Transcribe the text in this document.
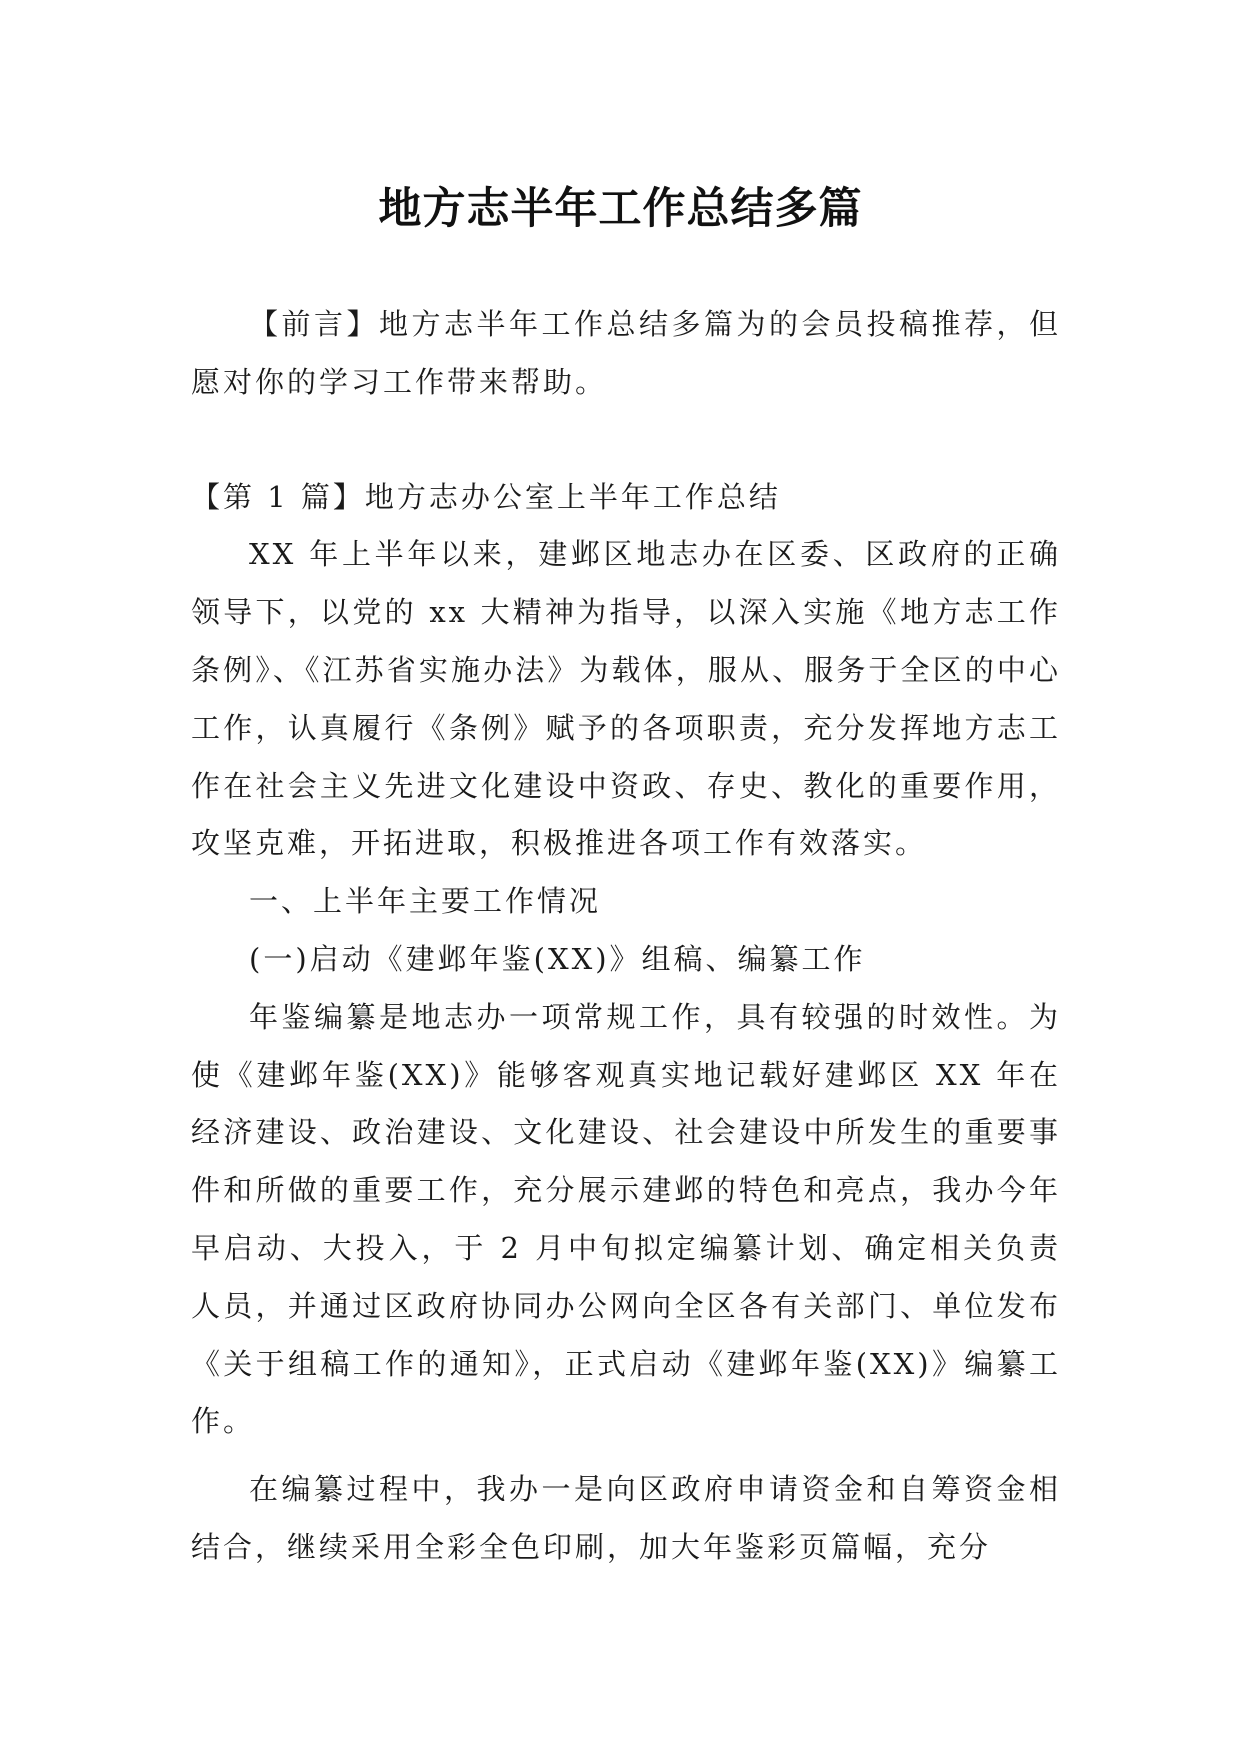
地方志半年工作总结多篇

【前言】地方志半年工作总结多篇为的会员投稿推荐，但愿对你的学习工作带来帮助。

【第 1 篇】地方志办公室上半年工作总结

XX 年上半年以来，建邺区地志办在区委、区政府的正确领导下，以党的 xx 大精神为指导，以深入实施《地方志工作条例》、《江苏省实施办法》为载体，服从、服务于全区的中心工作，认真履行《条例》赋予的各项职责，充分发挥地方志工作在社会主义先进文化建设中资政、存史、教化的重要作用，攻坚克难，开拓进取，积极推进各项工作有效落实。

一、上半年主要工作情况

(一)启动《建邺年鉴(XX)》组稿、编纂工作

年鉴编纂是地志办一项常规工作，具有较强的时效性。为使《建邺年鉴(XX)》能够客观真实地记载好建邺区 XX 年在经济建设、政治建设、文化建设、社会建设中所发生的重要事件和所做的重要工作，充分展示建邺的特色和亮点，我办今年早启动、大投入，于 2 月中旬拟定编纂计划、确定相关负责人员，并通过区政府协同办公网向全区各有关部门、单位发布《关于组稿工作的通知》，正式启动《建邺年鉴(XX)》编纂工作。

在编纂过程中，我办一是向区政府申请资金和自筹资金相结合，继续采用全彩全色印刷，加大年鉴彩页篇幅，充分
